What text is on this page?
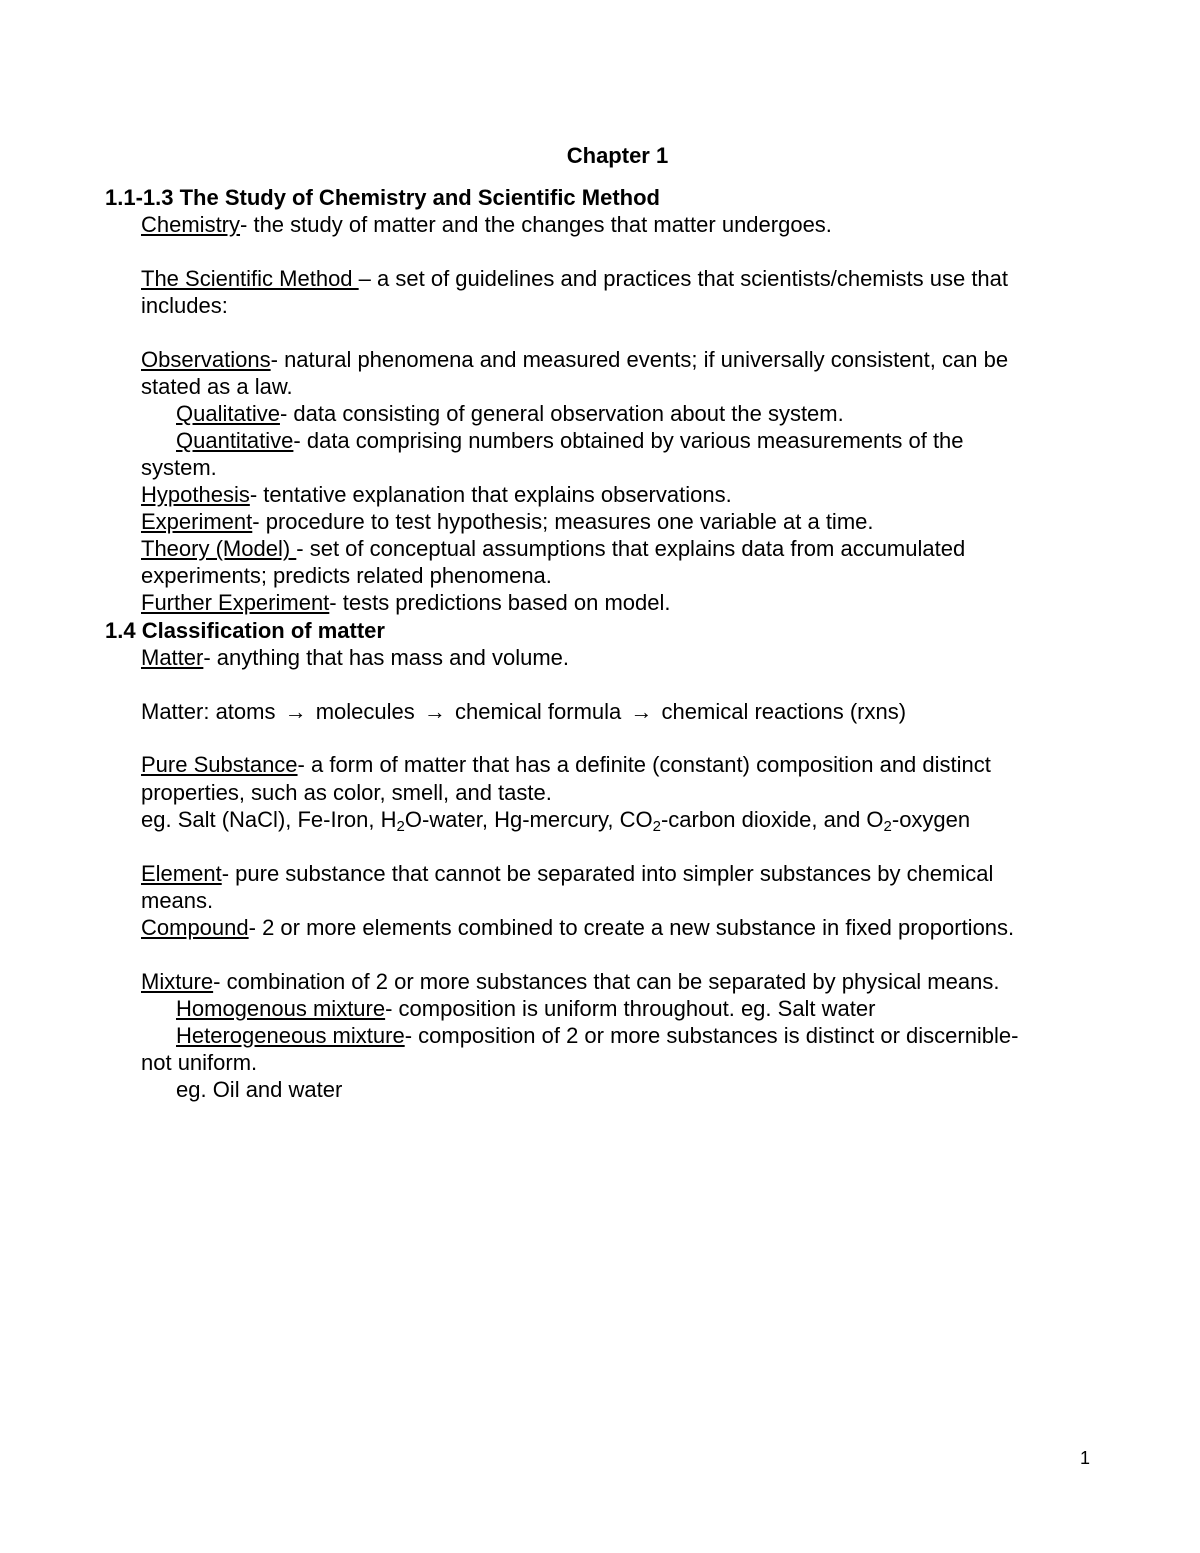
Chapter 1
1.1-1.3 The Study of Chemistry and Scientific Method
Chemistry- the study of matter and the changes that matter undergoes.
The Scientific Method – a set of guidelines and practices that scientists/chemists use that
includes:
Observations- natural phenomena and measured events; if universally consistent, can be
stated as a law.
Qualitative- data consisting of general observation about the system.
Quantitative- data comprising numbers obtained by various measurements of the
system.
Hypothesis- tentative explanation that explains observations.
Experiment- procedure to test hypothesis; measures one variable at a time.
Theory (Model) - set of conceptual assumptions that explains data from accumulated
experiments; predicts related phenomena.
Further Experiment- tests predictions based on model.
1.4 Classification of matter
Matter- anything that has mass and volume.
Matter: atoms → molecules → chemical formula → chemical reactions (rxns)
Pure Substance- a form of matter that has a definite (constant) composition and distinct
properties, such as color, smell, and taste.
eg. Salt (NaCl), Fe-Iron, $H_2O$-water, Hg-mercury, $CO_2$-carbon dioxide, and $O_2$-oxygen
Element- pure substance that cannot be separated into simpler substances by chemical
means.
Compound- 2 or more elements combined to create a new substance in fixed proportions.
Mixture- combination of 2 or more substances that can be separated by physical means.
Homogenous mixture- composition is uniform throughout. eg. Salt water
Heterogeneous mixture- composition of 2 or more substances is distinct or discernible-
not uniform.
eg. Oil and water
1
